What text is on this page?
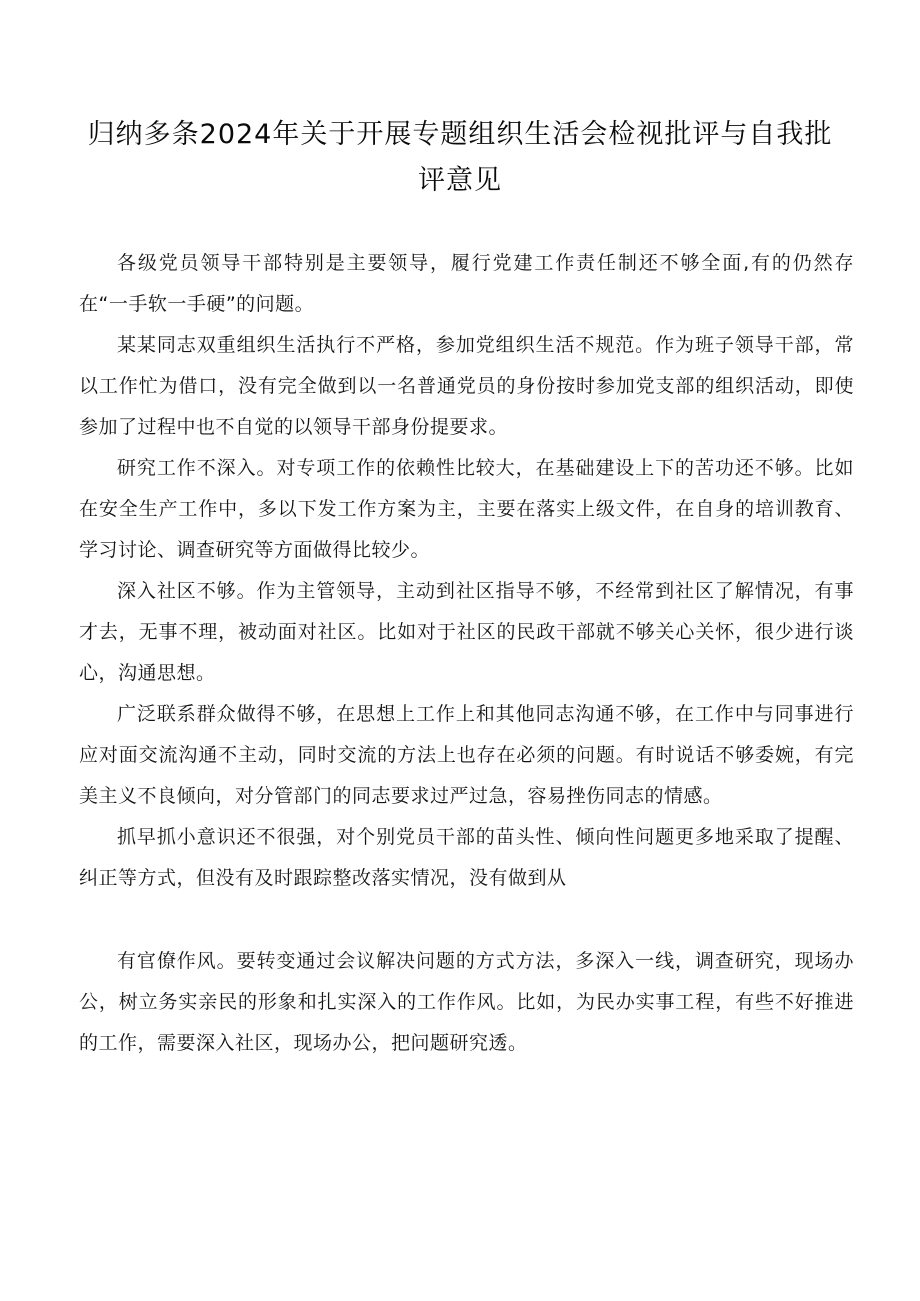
归纳多条2024年关于开展专题组织生活会检视批评与自我批评意见

各级党员领导干部特别是主要领导，履行党建工作责任制还不够全面,有的仍然存在“一手软一手硬”的问题。

某某同志双重组织生活执行不严格，参加党组织生活不规范。作为班子领导干部，常以工作忙为借口，没有完全做到以一名普通党员的身份按时参加党支部的组织活动，即使参加了过程中也不自觉的以领导干部身份提要求。

研究工作不深入。对专项工作的依赖性比较大，在基础建设上下的苦功还不够。比如在安全生产工作中，多以下发工作方案为主，主要在落实上级文件，在自身的培训教育、学习讨论、调查研究等方面做得比较少。

深入社区不够。作为主管领导，主动到社区指导不够，不经常到社区了解情况，有事才去，无事不理，被动面对社区。比如对于社区的民政干部就不够关心关怀，很少进行谈心，沟通思想。

广泛联系群众做得不够，在思想上工作上和其他同志沟通不够，在工作中与同事进行应对面交流沟通不主动，同时交流的方法上也存在必须的问题。有时说话不够委婉，有完美主义不良倾向，对分管部门的同志要求过严过急，容易挫伤同志的情感。

抓早抓小意识还不很强，对个别党员干部的苗头性、倾向性问题更多地采取了提醒、纠正等方式，但没有及时跟踪整改落实情况，没有做到从

有官僚作风。要转变通过会议解决问题的方式方法，多深入一线，调查研究，现场办公，树立务实亲民的形象和扎实深入的工作作风。比如，为民办实事工程，有些不好推进的工作，需要深入社区，现场办公，把问题研究透。
